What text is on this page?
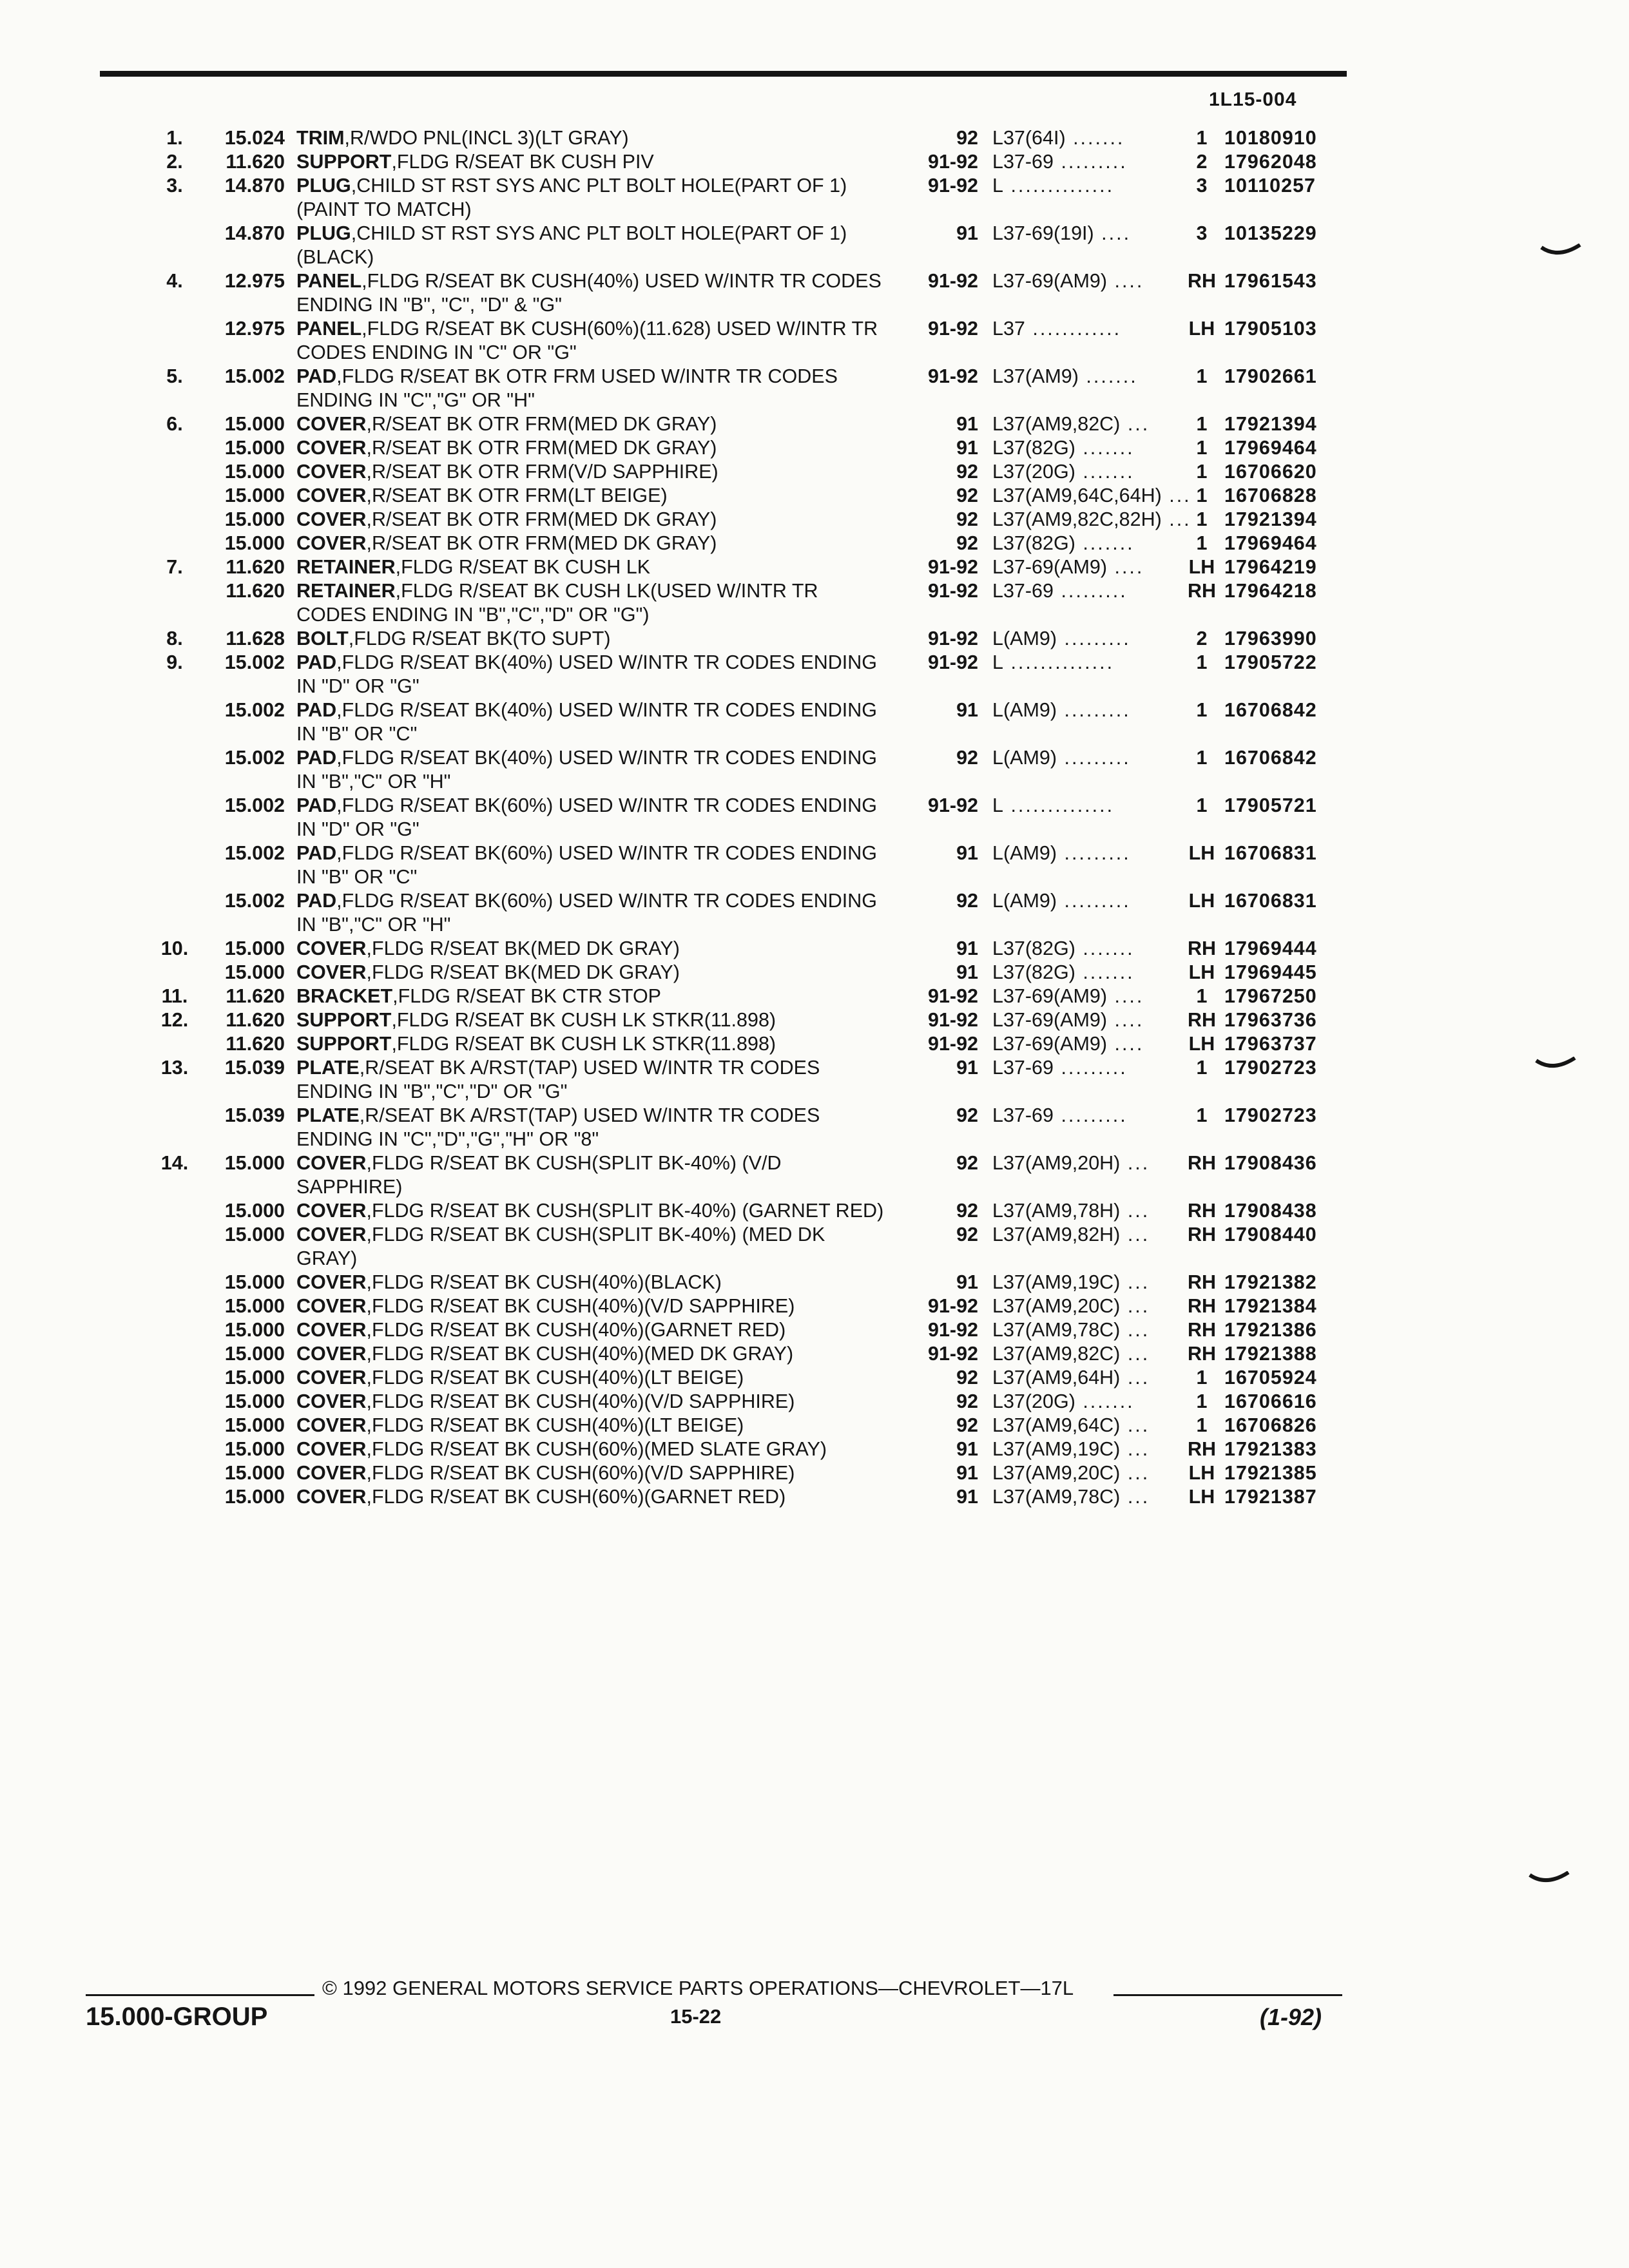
1L15-004
1.	15.024	TRIM,R/WDO PNL(INCL 3)(LT GRAY)	92	L37(64I) .......	1	10180910
2.	11.620	SUPPORT,FLDG R/SEAT BK CUSH PIV	91-92	L37-69 .........	2	17962048
3.	14.870	PLUG,CHILD ST RST SYS ANC PLT BOLT HOLE(PART OF 1)(PAINT TO MATCH)	91-92	L ..............	3	10110257
	14.870	PLUG,CHILD ST RST SYS ANC PLT BOLT HOLE(PART OF 1)(BLACK)	91	L37-69(19I) ....	3	10135229
4.	12.975	PANEL,FLDG R/SEAT BK CUSH(40%) USED W/INTR TR CODES ENDING IN "B", "C", "D" & "G"	91-92	L37-69(AM9) ....	RH	17961543
	12.975	PANEL,FLDG R/SEAT BK CUSH(60%)(11.628) USED W/INTR TR CODES ENDING IN "C" OR "G"	91-92	L37 ............	LH	17905103
5.	15.002	PAD,FLDG R/SEAT BK OTR FRM USED W/INTR TR CODES ENDING IN "C","G" OR "H"	91-92	L37(AM9) .......	1	17902661
6.	15.000	COVER,R/SEAT BK OTR FRM(MED DK GRAY)	91	L37(AM9,82C) ...	1	17921394
	15.000	COVER,R/SEAT BK OTR FRM(MED DK GRAY)	91	L37(82G) .......	1	17969464
	15.000	COVER,R/SEAT BK OTR FRM(V/D SAPPHIRE)	92	L37(20G) .......	1	16706620
	15.000	COVER,R/SEAT BK OTR FRM(LT BEIGE)	92	L37(AM9,64C,64H) ...	1	16706828
	15.000	COVER,R/SEAT BK OTR FRM(MED DK GRAY)	92	L37(AM9,82C,82H) ...	1	17921394
	15.000	COVER,R/SEAT BK OTR FRM(MED DK GRAY)	92	L37(82G) .......	1	17969464
7.	11.620	RETAINER,FLDG R/SEAT BK CUSH LK	91-92	L37-69(AM9) ....	LH	17964219
	11.620	RETAINER,FLDG R/SEAT BK CUSH LK(USED W/INTR TR CODES ENDING IN "B","C","D" OR "G")	91-92	L37-69 .........	RH	17964218
8.	11.628	BOLT,FLDG R/SEAT BK(TO SUPT)	91-92	L(AM9) .........	2	17963990
9.	15.002	PAD,FLDG R/SEAT BK(40%) USED W/INTR TR CODES ENDING IN "D" OR "G"	91-92	L ..............	1	17905722
	15.002	PAD,FLDG R/SEAT BK(40%) USED W/INTR TR CODES ENDING IN "B" OR "C"	91	L(AM9) .........	1	16706842
	15.002	PAD,FLDG R/SEAT BK(40%) USED W/INTR TR CODES ENDING IN "B","C" OR "H"	92	L(AM9) .........	1	16706842
	15.002	PAD,FLDG R/SEAT BK(60%) USED W/INTR TR CODES ENDING IN "D" OR "G"	91-92	L ..............	1	17905721
	15.002	PAD,FLDG R/SEAT BK(60%) USED W/INTR TR CODES ENDING IN "B" OR "C"	91	L(AM9) .........	LH	16706831
	15.002	PAD,FLDG R/SEAT BK(60%) USED W/INTR TR CODES ENDING IN "B","C" OR "H"	92	L(AM9) .........	LH	16706831
10.	15.000	COVER,FLDG R/SEAT BK(MED DK GRAY)	91	L37(82G) .......	RH	17969444
	15.000	COVER,FLDG R/SEAT BK(MED DK GRAY)	91	L37(82G) .......	LH	17969445
11.	11.620	BRACKET,FLDG R/SEAT BK CTR STOP	91-92	L37-69(AM9) ....	1	17967250
12.	11.620	SUPPORT,FLDG R/SEAT BK CUSH LK STKR(11.898)	91-92	L37-69(AM9) ....	RH	17963736
	11.620	SUPPORT,FLDG R/SEAT BK CUSH LK STKR(11.898)	91-92	L37-69(AM9) ....	LH	17963737
13.	15.039	PLATE,R/SEAT BK A/RST(TAP) USED W/INTR TR CODES ENDING IN "B","C","D" OR "G"	91	L37-69 .........	1	17902723
	15.039	PLATE,R/SEAT BK A/RST(TAP) USED W/INTR TR CODES ENDING IN "C","D","G","H" OR "8"	92	L37-69 .........	1	17902723
14.	15.000	COVER,FLDG R/SEAT BK CUSH(SPLIT BK-40%) (V/D SAPPHIRE)	92	L37(AM9,20H) ...	RH	17908436
	15.000	COVER,FLDG R/SEAT BK CUSH(SPLIT BK-40%) (GARNET RED)	92	L37(AM9,78H) ...	RH	17908438
	15.000	COVER,FLDG R/SEAT BK CUSH(SPLIT BK-40%) (MED DK GRAY)	92	L37(AM9,82H) ...	RH	17908440
	15.000	COVER,FLDG R/SEAT BK CUSH(40%)(BLACK)	91	L37(AM9,19C) ...	RH	17921382
	15.000	COVER,FLDG R/SEAT BK CUSH(40%)(V/D SAPPHIRE)	91-92	L37(AM9,20C) ...	RH	17921384
	15.000	COVER,FLDG R/SEAT BK CUSH(40%)(GARNET RED)	91-92	L37(AM9,78C) ...	RH	17921386
	15.000	COVER,FLDG R/SEAT BK CUSH(40%)(MED DK GRAY)	91-92	L37(AM9,82C) ...	RH	17921388
	15.000	COVER,FLDG R/SEAT BK CUSH(40%)(LT BEIGE)	92	L37(AM9,64H) ...	1	16705924
	15.000	COVER,FLDG R/SEAT BK CUSH(40%)(V/D SAPPHIRE)	92	L37(20G) .......	1	16706616
	15.000	COVER,FLDG R/SEAT BK CUSH(40%)(LT BEIGE)	92	L37(AM9,64C) ...	1	16706826
	15.000	COVER,FLDG R/SEAT BK CUSH(60%)(MED SLATE GRAY)	91	L37(AM9,19C) ...	RH	17921383
	15.000	COVER,FLDG R/SEAT BK CUSH(60%)(V/D SAPPHIRE)	91	L37(AM9,20C) ...	LH	17921385
	15.000	COVER,FLDG R/SEAT BK CUSH(60%)(GARNET RED)	91	L37(AM9,78C) ...	LH	17921387
© 1992 GENERAL MOTORS SERVICE PARTS OPERATIONS—CHEVROLET—17L
15.000-GROUP	15-22	(1-92)
